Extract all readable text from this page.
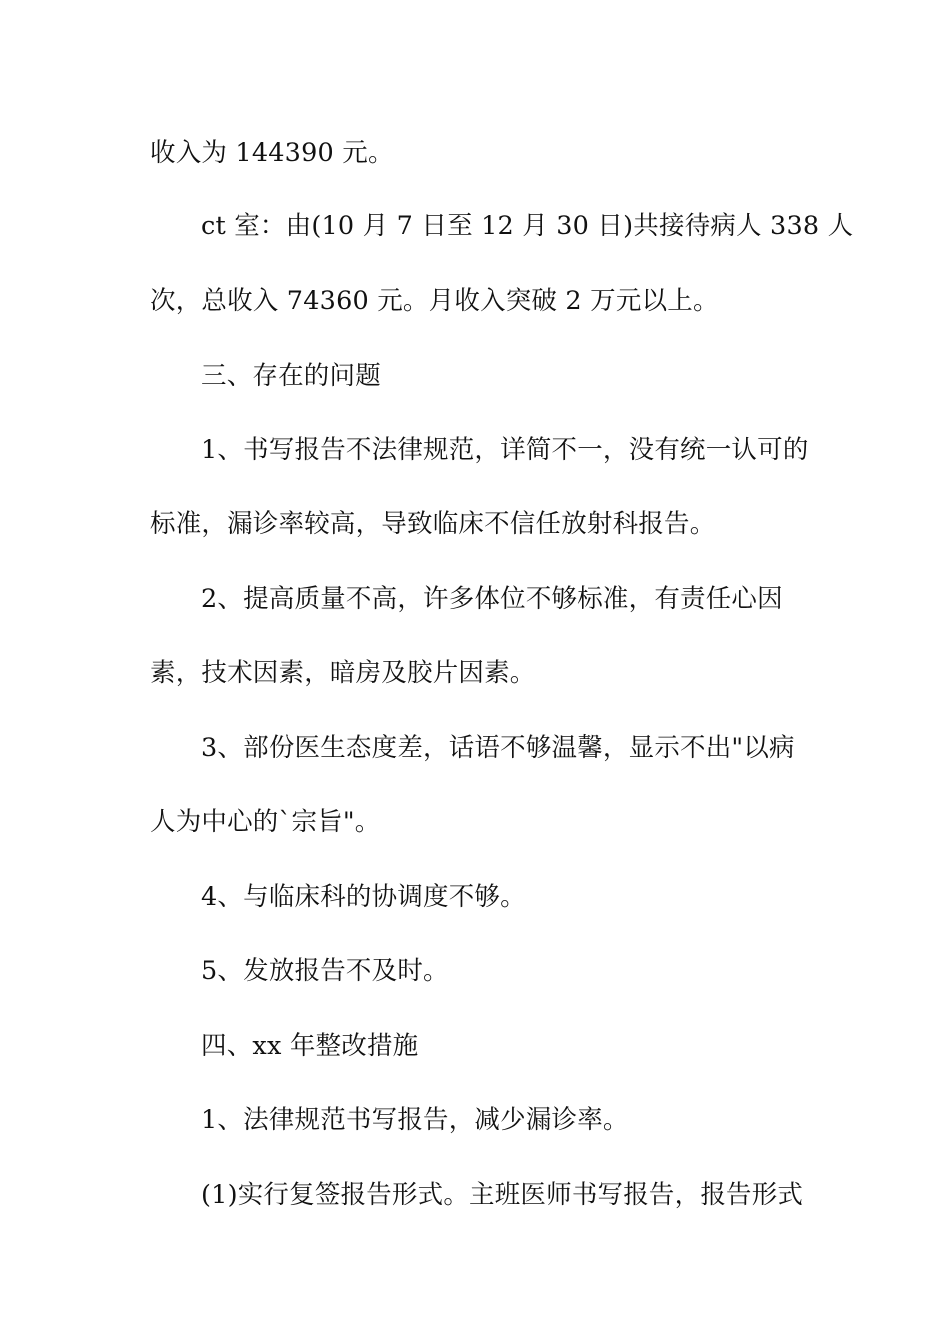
收入为 144390 元。
ct 室：由(10 月 7 日至 12 月 30 日)共接待病人 338 人
次，总收入 74360 元。月收入突破 2 万元以上。
三、存在的问题
1、书写报告不法律规范，详简不一，没有统一认可的
标准，漏诊率较高，导致临床不信任放射科报告。
2、提高质量不高，许多体位不够标准，有责任心因
素，技术因素，暗房及胶片因素。
3、部份医生态度差，话语不够温馨，显示不出"以病
人为中心的`宗旨"。
4、与临床科的协调度不够。
5、发放报告不及时。
四、xx 年整改措施
1、法律规范书写报告，减少漏诊率。
(1)实行复签报告形式。主班医师书写报告，报告形式
